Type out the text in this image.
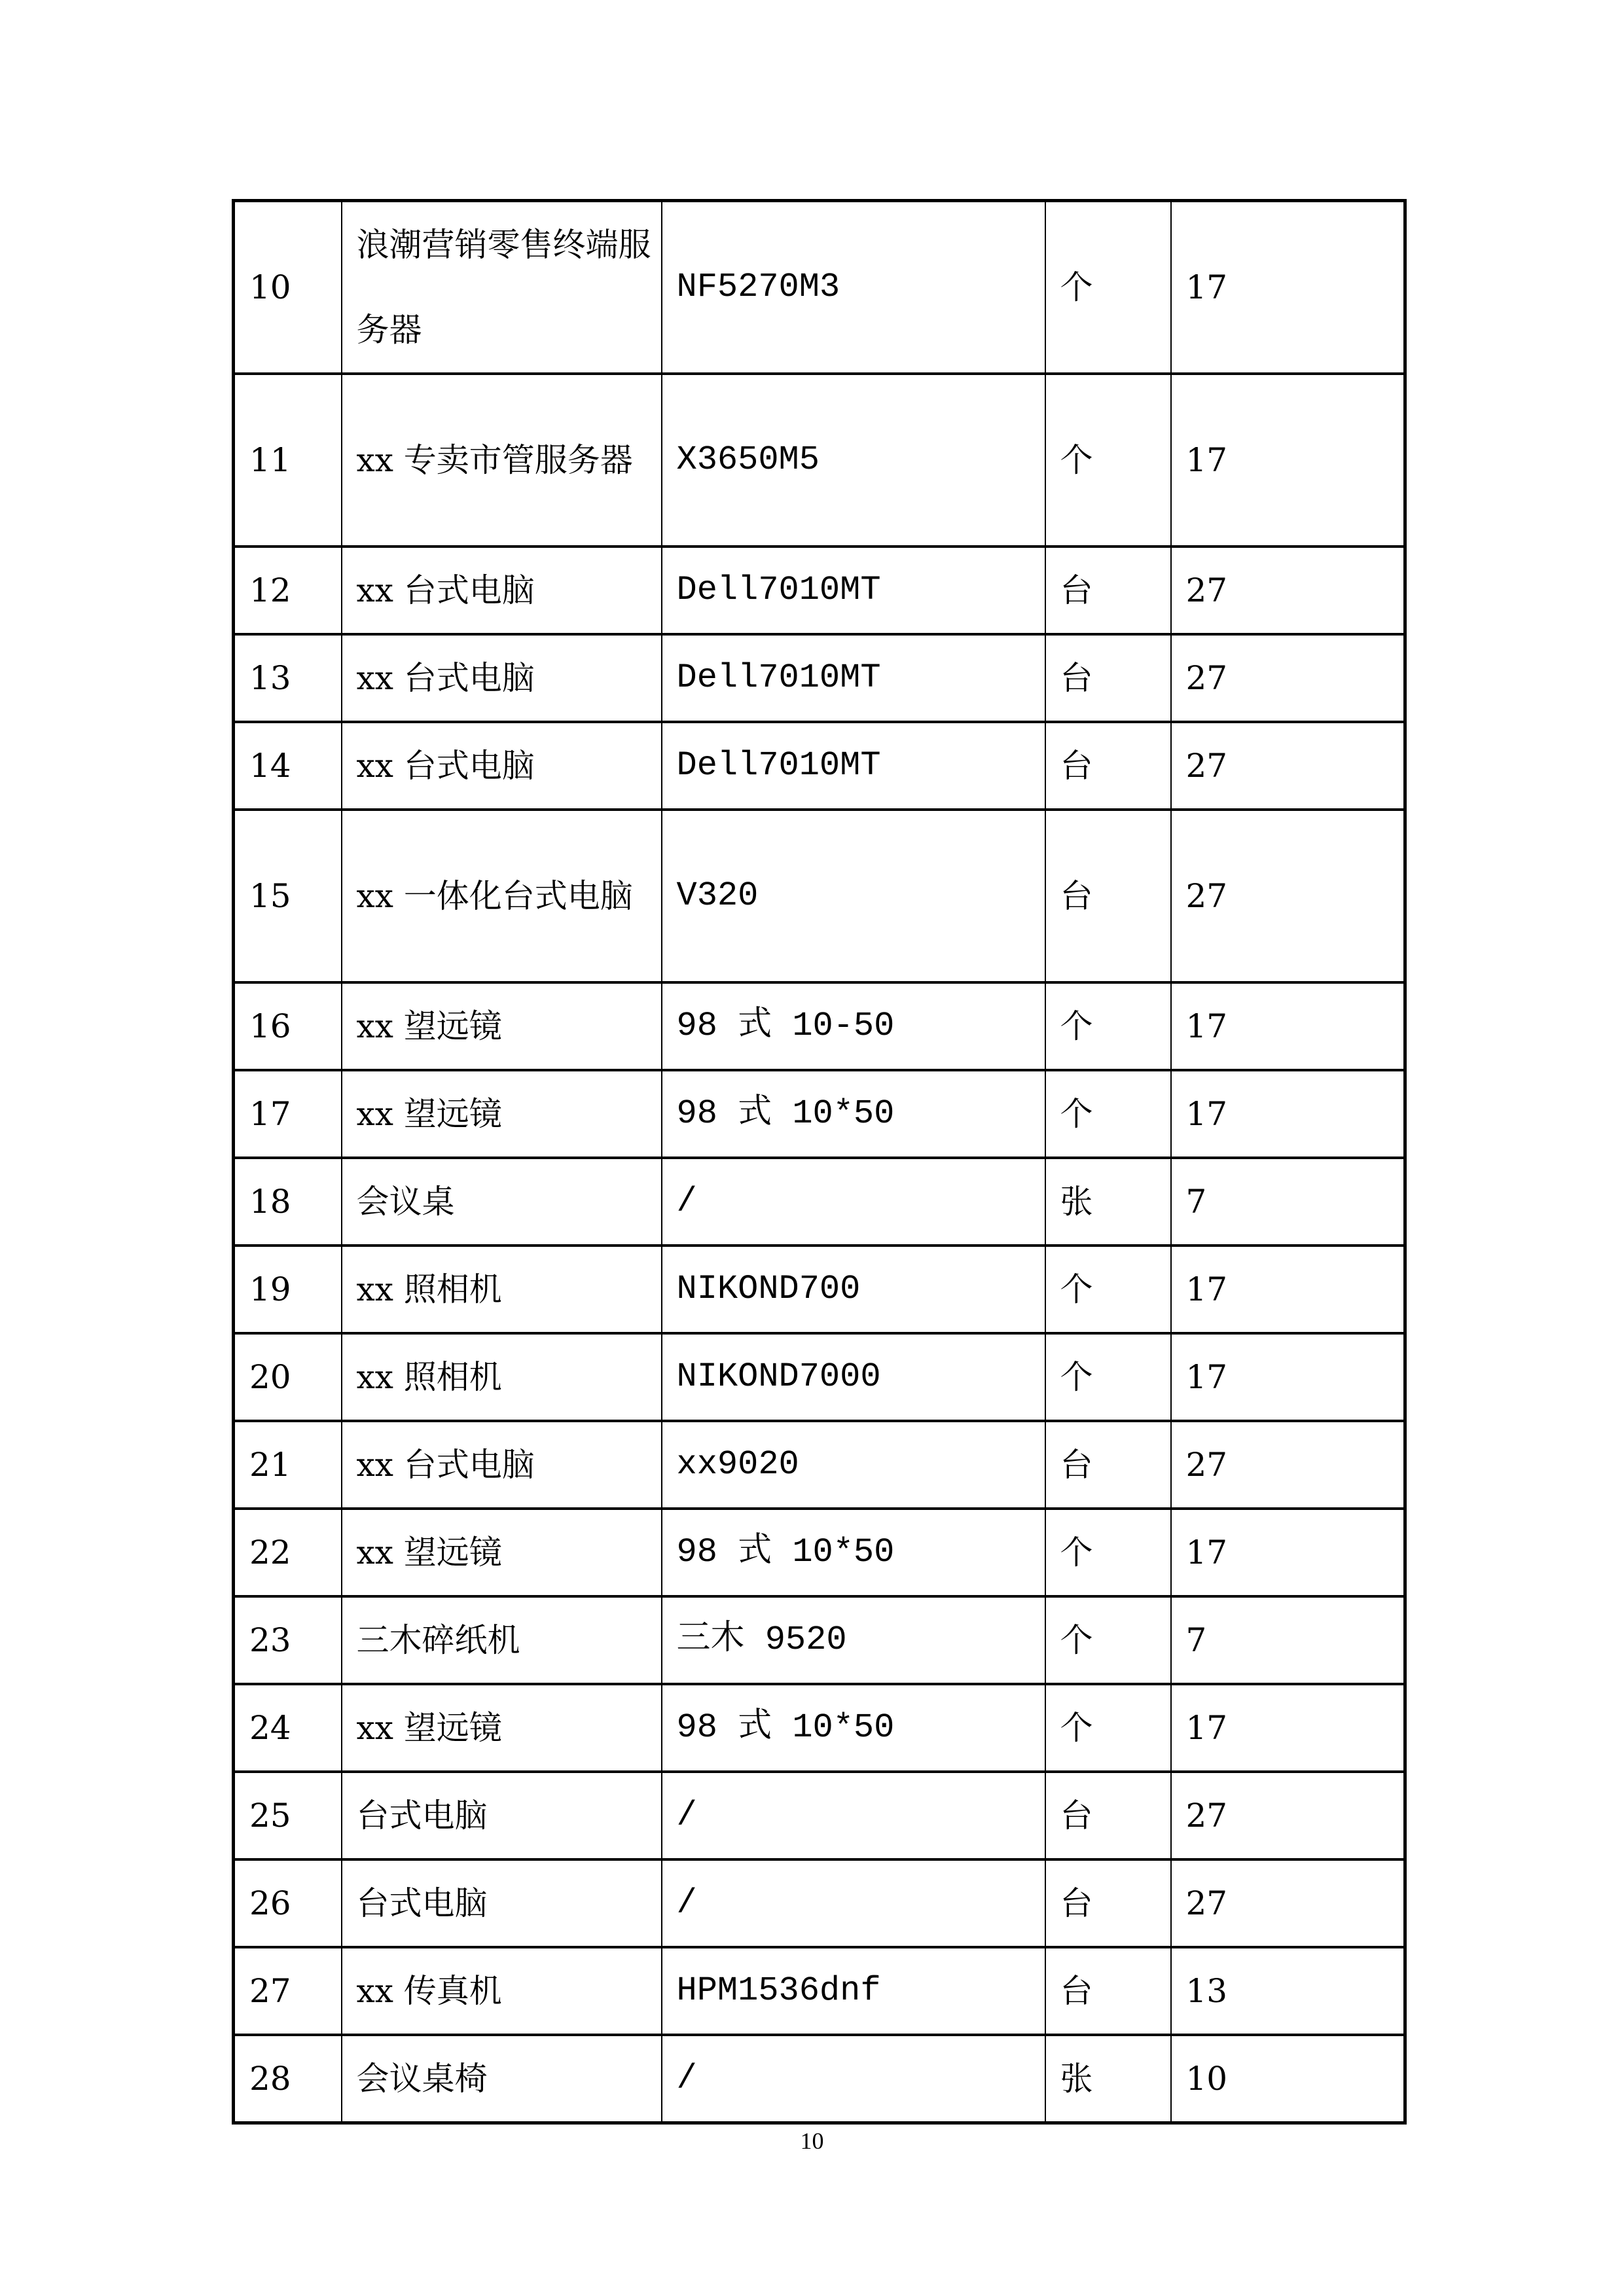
10	浪潮营销零售终端服务器	NF5270M3	个	17
11	xx 专卖市管服务器	X3650M5	个	17
12	xx 台式电脑	Dell7010MT	台	27
13	xx 台式电脑	Dell7010MT	台	27
14	xx 台式电脑	Dell7010MT	台	27
15	xx 一体化台式电脑	V320	台	27
16	xx 望远镜	98 式 10-50	个	17
17	xx 望远镜	98 式 10*50	个	17
18	会议桌	/	张	7
19	xx 照相机	NIKOND700	个	17
20	xx 照相机	NIKOND7000	个	17
21	xx 台式电脑	xx9020	台	27
22	xx 望远镜	98 式 10*50	个	17
23	三木碎纸机	三木 9520	个	7
24	xx 望远镜	98 式 10*50	个	17
25	台式电脑	/	台	27
26	台式电脑	/	台	27
27	xx 传真机	HPM1536dnf	台	13
28	会议桌椅	/	张	10
10
